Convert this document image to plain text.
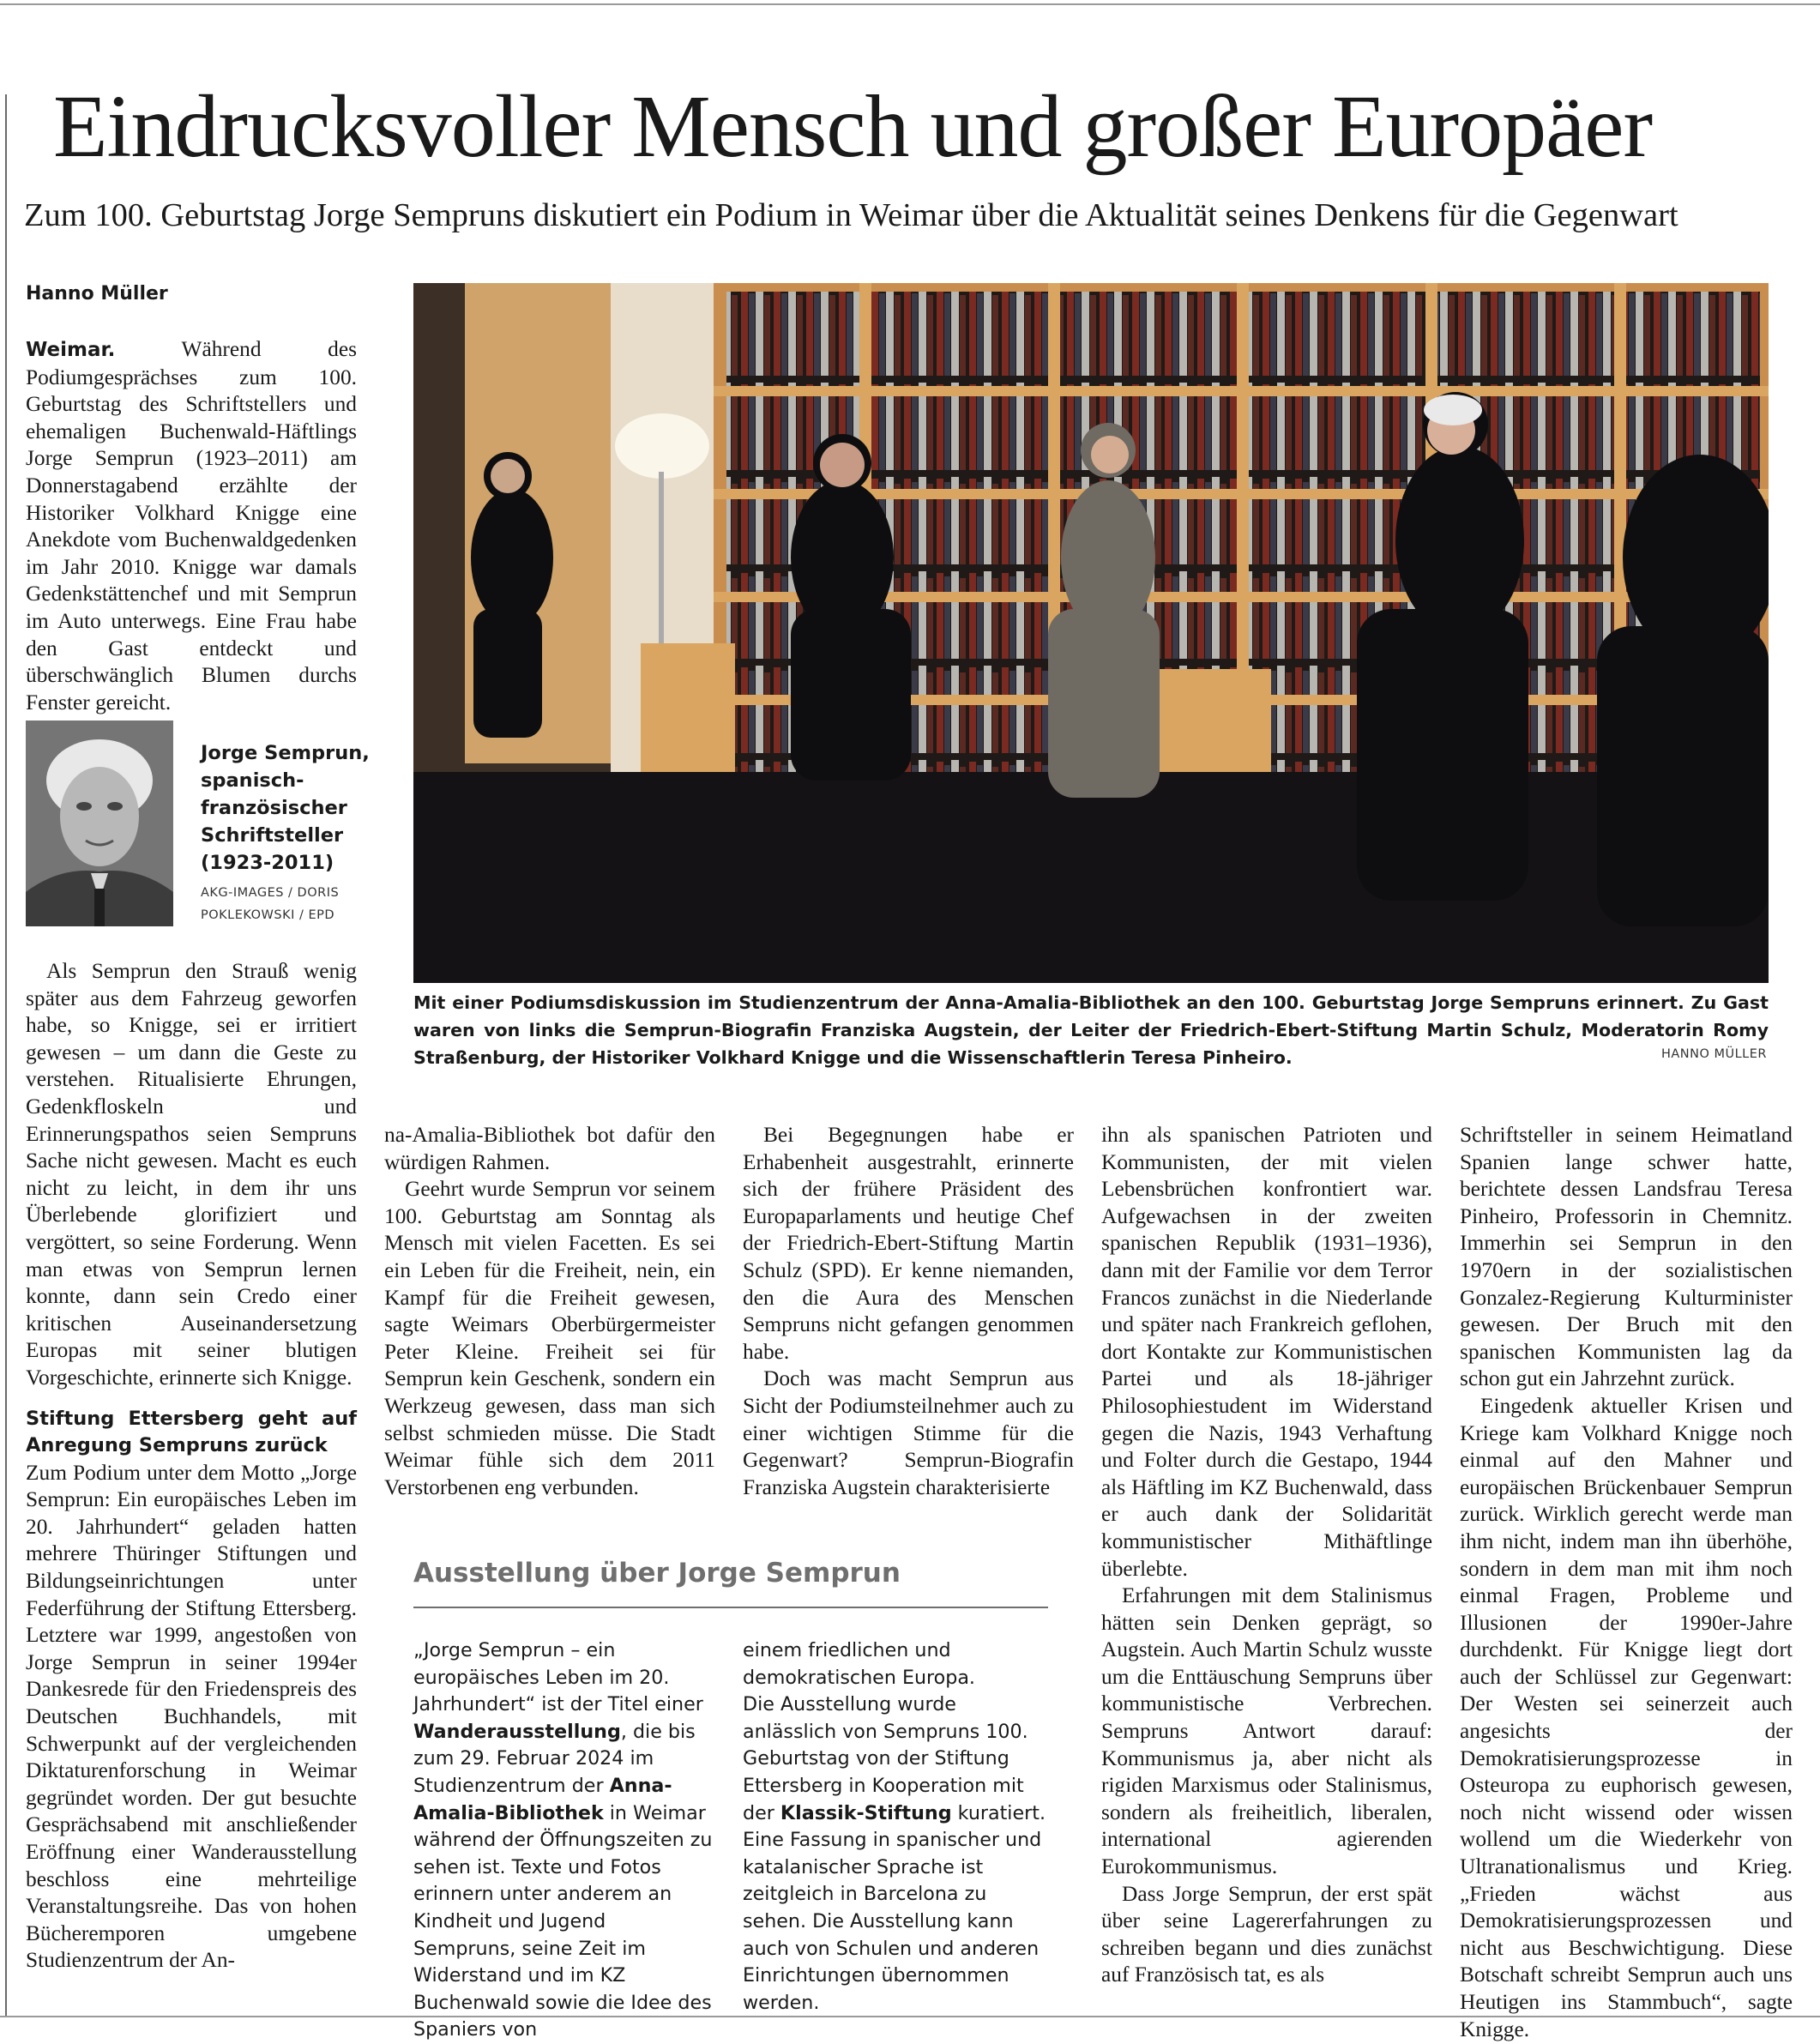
Eindrucksvoller Mensch und großer Europäer
Zum 100. Geburtstag Jorge Sempruns diskutiert ein Podium in Weimar über die Aktualität seines Denkens für die Gegenwart
Hanno Müller
Weimar. Während des Podiumgesprächses zum 100. Geburtstag des Schriftstellers und ehemaligen Buchenwald-Häftlings Jorge Semprun (1923–2011) am Donnerstagabend erzählte der Historiker Volkhard Knigge eine Anekdote vom Buchenwaldgedenken im Jahr 2010. Knigge war damals Gedenkstättenchef und mit Semprun im Auto unterwegs. Eine Frau habe den Gast entdeckt und überschwänglich Blumen durchs Fenster gereicht.
Jorge Semprun, spanisch-französischer Schriftsteller (1923-2011)
AKG-IMAGES / DORIS POKLEKOWSKI / EPD
Mit einer Podiumsdiskussion im Studienzentrum der Anna-Amalia-Bibliothek an den 100. Geburtstag Jorge Sempruns erinnert. Zu Gast waren von links die Semprun-Biografin Franziska Augstein, der Leiter der Friedrich-Ebert-Stiftung Martin Schulz, Moderatorin Romy Straßenburg, der Historiker Volkhard Knigge und die Wissenschaftlerin Teresa Pinheiro.	HANNO MÜLLER

Als Semprun den Strauß wenig später aus dem Fahrzeug geworfen habe, so Knigge, sei er irritiert gewesen – um dann die Geste zu verstehen. Ritualisierte Ehrungen, Gedenkfloskeln und Erinnerungspathos seien Sempruns Sache nicht gewesen. Macht es euch nicht zu leicht, in dem ihr uns Überlebende glorifiziert und vergöttert, so seine Forderung. Wenn man etwas von Semprun lernen konnte, dann sein Credo einer kritischen Auseinandersetzung Europas mit seiner blutigen Vorgeschichte, erinnerte sich Knigge.

Stiftung Ettersberg geht auf Anregung Sempruns zurück

Zum Podium unter dem Motto „Jorge Semprun: Ein europäisches Leben im 20. Jahrhundert“ geladen hatten mehrere Thüringer Stiftungen und Bildungseinrichtungen unter Federführung der Stiftung Ettersberg. Letztere war 1999, angestoßen von Jorge Semprun in seiner 1994er Dankesrede für den Friedenspreis des Deutschen Buchhandels, mit Schwerpunkt auf der vergleichenden Diktaturenforschung in Weimar gegründet worden. Der gut besuchte Gesprächsabend mit anschließender Eröffnung einer Wanderausstellung beschloss eine mehrteilige Veranstaltungsreihe. Das von hohen Bücheremporen umgebene Studienzentrum der An-

na-Amalia-Bibliothek bot dafür den würdigen Rahmen.

Geehrt wurde Semprun vor seinem 100. Geburtstag am Sonntag als Mensch mit vielen Facetten. Es sei ein Leben für die Freiheit, nein, ein Kampf für die Freiheit gewesen, sagte Weimars Oberbürgermeister Peter Kleine. Freiheit sei für Semprun kein Geschenk, sondern ein Werkzeug gewesen, dass man sich selbst schmieden müsse. Die Stadt Weimar fühle sich dem 2011 Verstorbenen eng verbunden.

Bei Begegnungen habe er Erhabenheit ausgestrahlt, erinnerte sich der frühere Präsident des Europaparlaments und heutige Chef der Friedrich-Ebert-Stiftung Martin Schulz (SPD). Er kenne niemanden, den die Aura des Menschen Sempruns nicht gefangen genommen habe.

Doch was macht Semprun aus Sicht der Podiumsteilnehmer auch zu einer wichtigen Stimme für die Gegenwart? Semprun-Biografin Franziska Augstein charakterisierte

ihn als spanischen Patrioten und Kommunisten, der mit vielen Lebensbrüchen konfrontiert war. Aufgewachsen in der zweiten spanischen Republik (1931–1936), dann mit der Familie vor dem Terror Francos zunächst in die Niederlande und später nach Frankreich geflohen, dort Kontakte zur Kommunistischen Partei und als 18-jähriger Philosophiestudent im Widerstand gegen die Nazis, 1943 Verhaftung und Folter durch die Gestapo, 1944 als Häftling im KZ Buchenwald, dass er auch dank der Solidarität kommunistischer Mithäftlinge überlebte.

Erfahrungen mit dem Stalinismus hätten sein Denken geprägt, so Augstein. Auch Martin Schulz wusste um die Enttäuschung Sempruns über kommunistische Verbrechen. Sempruns Antwort darauf: Kommunismus ja, aber nicht als rigiden Marxismus oder Stalinismus, sondern als freiheitlich, liberalen, international agierenden Eurokommunismus.

Dass Jorge Semprun, der erst spät über seine Lagererfahrungen zu schreiben begann und dies zunächst auf Französisch tat, es als

Schriftsteller in seinem Heimatland Spanien lange schwer hatte, berichtete dessen Landsfrau Teresa Pinheiro, Professorin in Chemnitz. Immerhin sei Semprun in den 1970ern in der sozialistischen Gonzalez-Regierung Kulturminister gewesen. Der Bruch mit den spanischen Kommunisten lag da schon gut ein Jahrzehnt zurück.

Eingedenk aktueller Krisen und Kriege kam Volkhard Knigge noch einmal auf den Mahner und europäischen Brückenbauer Semprun zurück. Wirklich gerecht werde man ihm nicht, indem man ihn überhöhe, sondern in dem man mit ihm noch einmal Fragen, Probleme und Illusionen der 1990er-Jahre durchdenkt. Für Knigge liegt dort auch der Schlüssel zur Gegenwart: Der Westen sei seinerzeit auch angesichts der Demokratisierungsprozesse in Osteuropa zu euphorisch gewesen, noch nicht wissend oder wissen wollend um die Wiederkehr von Ultranationalismus und Krieg. „Frieden wächst aus Demokratisierungsprozessen und nicht aus Beschwichtigung. Diese Botschaft schreibt Semprun auch uns Heutigen ins Stammbuch“, sagte Knigge.

Ausstellung über Jorge Semprun

„Jorge Semprun – ein europäisches Leben im 20. Jahrhundert“ ist der Titel einer Wanderausstellung, die bis zum 29. Februar 2024 im Studienzentrum der Anna-Amalia-Bibliothek in Weimar während der Öffnungszeiten zu sehen ist. Texte und Fotos erinnern unter anderem an Kindheit und Jugend Sempruns, seine Zeit im Widerstand und im KZ Buchenwald sowie die Idee des Spaniers von

einem friedlichen und demokratischen Europa.

Die Ausstellung wurde anlässlich von Sempruns 100. Geburtstag von der Stiftung Ettersberg in Kooperation mit der Klassik-Stiftung kuratiert. Eine Fassung in spanischer und katalanischer Sprache ist zeitgleich in Barcelona zu sehen. Die Ausstellung kann auch von Schulen und anderen Einrichtungen übernommen werden.
